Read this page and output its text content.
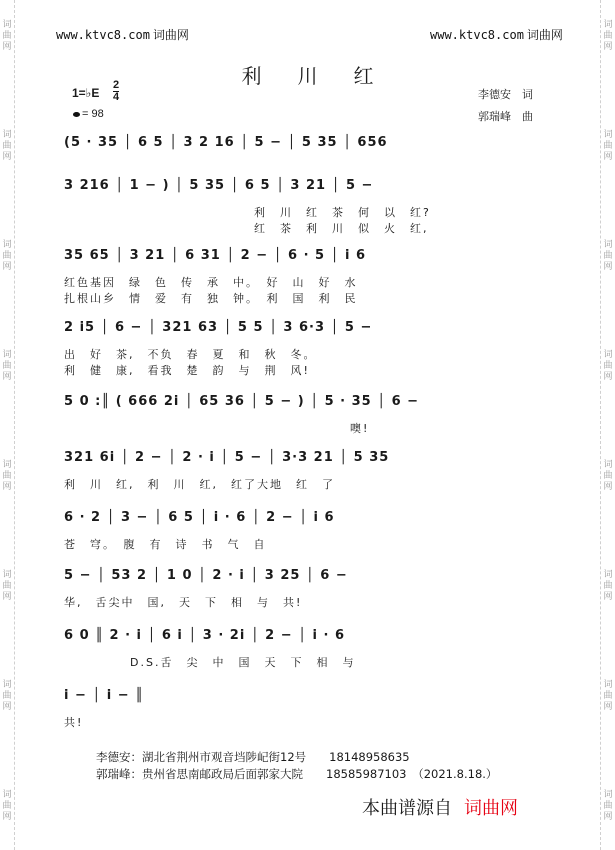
词
曲
网
词
曲
网
词
曲
网
词
曲
网
词
曲
网
词
曲
网
词
曲
网
词
曲
网
词
曲
网
词
曲
网
词
曲
网
词
曲
网
词
曲
网
词
曲
网
词
曲
网
词
曲
网
www.ktvc8.com 词曲网	www.ktvc8.com 词曲网
利川红
李德安　词
郭瑞峰　曲
1=♭E
2
4
= 98
(5 · 35 │ 6 5 │ 3 2 16 │ 5 − │ 5 35 │ 656
3 216 │ 1 − ) │ 5 35 │ 6 5 │ 3 21 │ 5 −
利　川　红　茶　何　以　红?
红　茶　利　川　似　火　红,
35 65 │ 3 21 │ 6 31 │ 2 − │ 6 · 5 │ i 6
红色基因　绿　色　传　承　中。　好　山　好　水
扎根山乡　情　爱　有　独　钟。　利　国　利　民
2 i5 │ 6 − │ 321 63 │ 5 5 │ 3 6·3 │ 5 −
出　好　茶,　不负　春　夏　和　秋　冬。
利　健　康,　看我　楚　韵　与　荆　风!
5 0 :║ ( 666 2i │ 65 36 │ 5 − ) │ 5 · 35 │ 6 −
　　　　　　　　　　　　　　　　　　　　　　噢!
321 6i │ 2 − │ 2 · i │ 5 − │ 3·3 21 │ 5 35
利　川　红,　利　川　红,　红了大地　红　了
6 · 2 │ 3 − │ 6 5 │ i · 6 │ 2 − │ i 6
苍　穹。　腹　有　诗　书　气　自
5 − │ 53 2 │ 1 0 │ 2 · i │ 3 25 │ 6 −
华,　舌尖中　国,　天　下　相　与　共!
6 0 ║ 2 · i │ 6 i │ 3 · 2i │ 2 − │ i · 6
D.S.舌　尖　中　国　天　下　相　与
i − │ i − ║
共!
李德安：湖北省荆州市观音垱陟屺街12号　　18148958635
郭瑞峰：贵州省思南邮政局后面郭家大院　　18585987103　（2021.8.18.）
本曲谱源自 词曲网
